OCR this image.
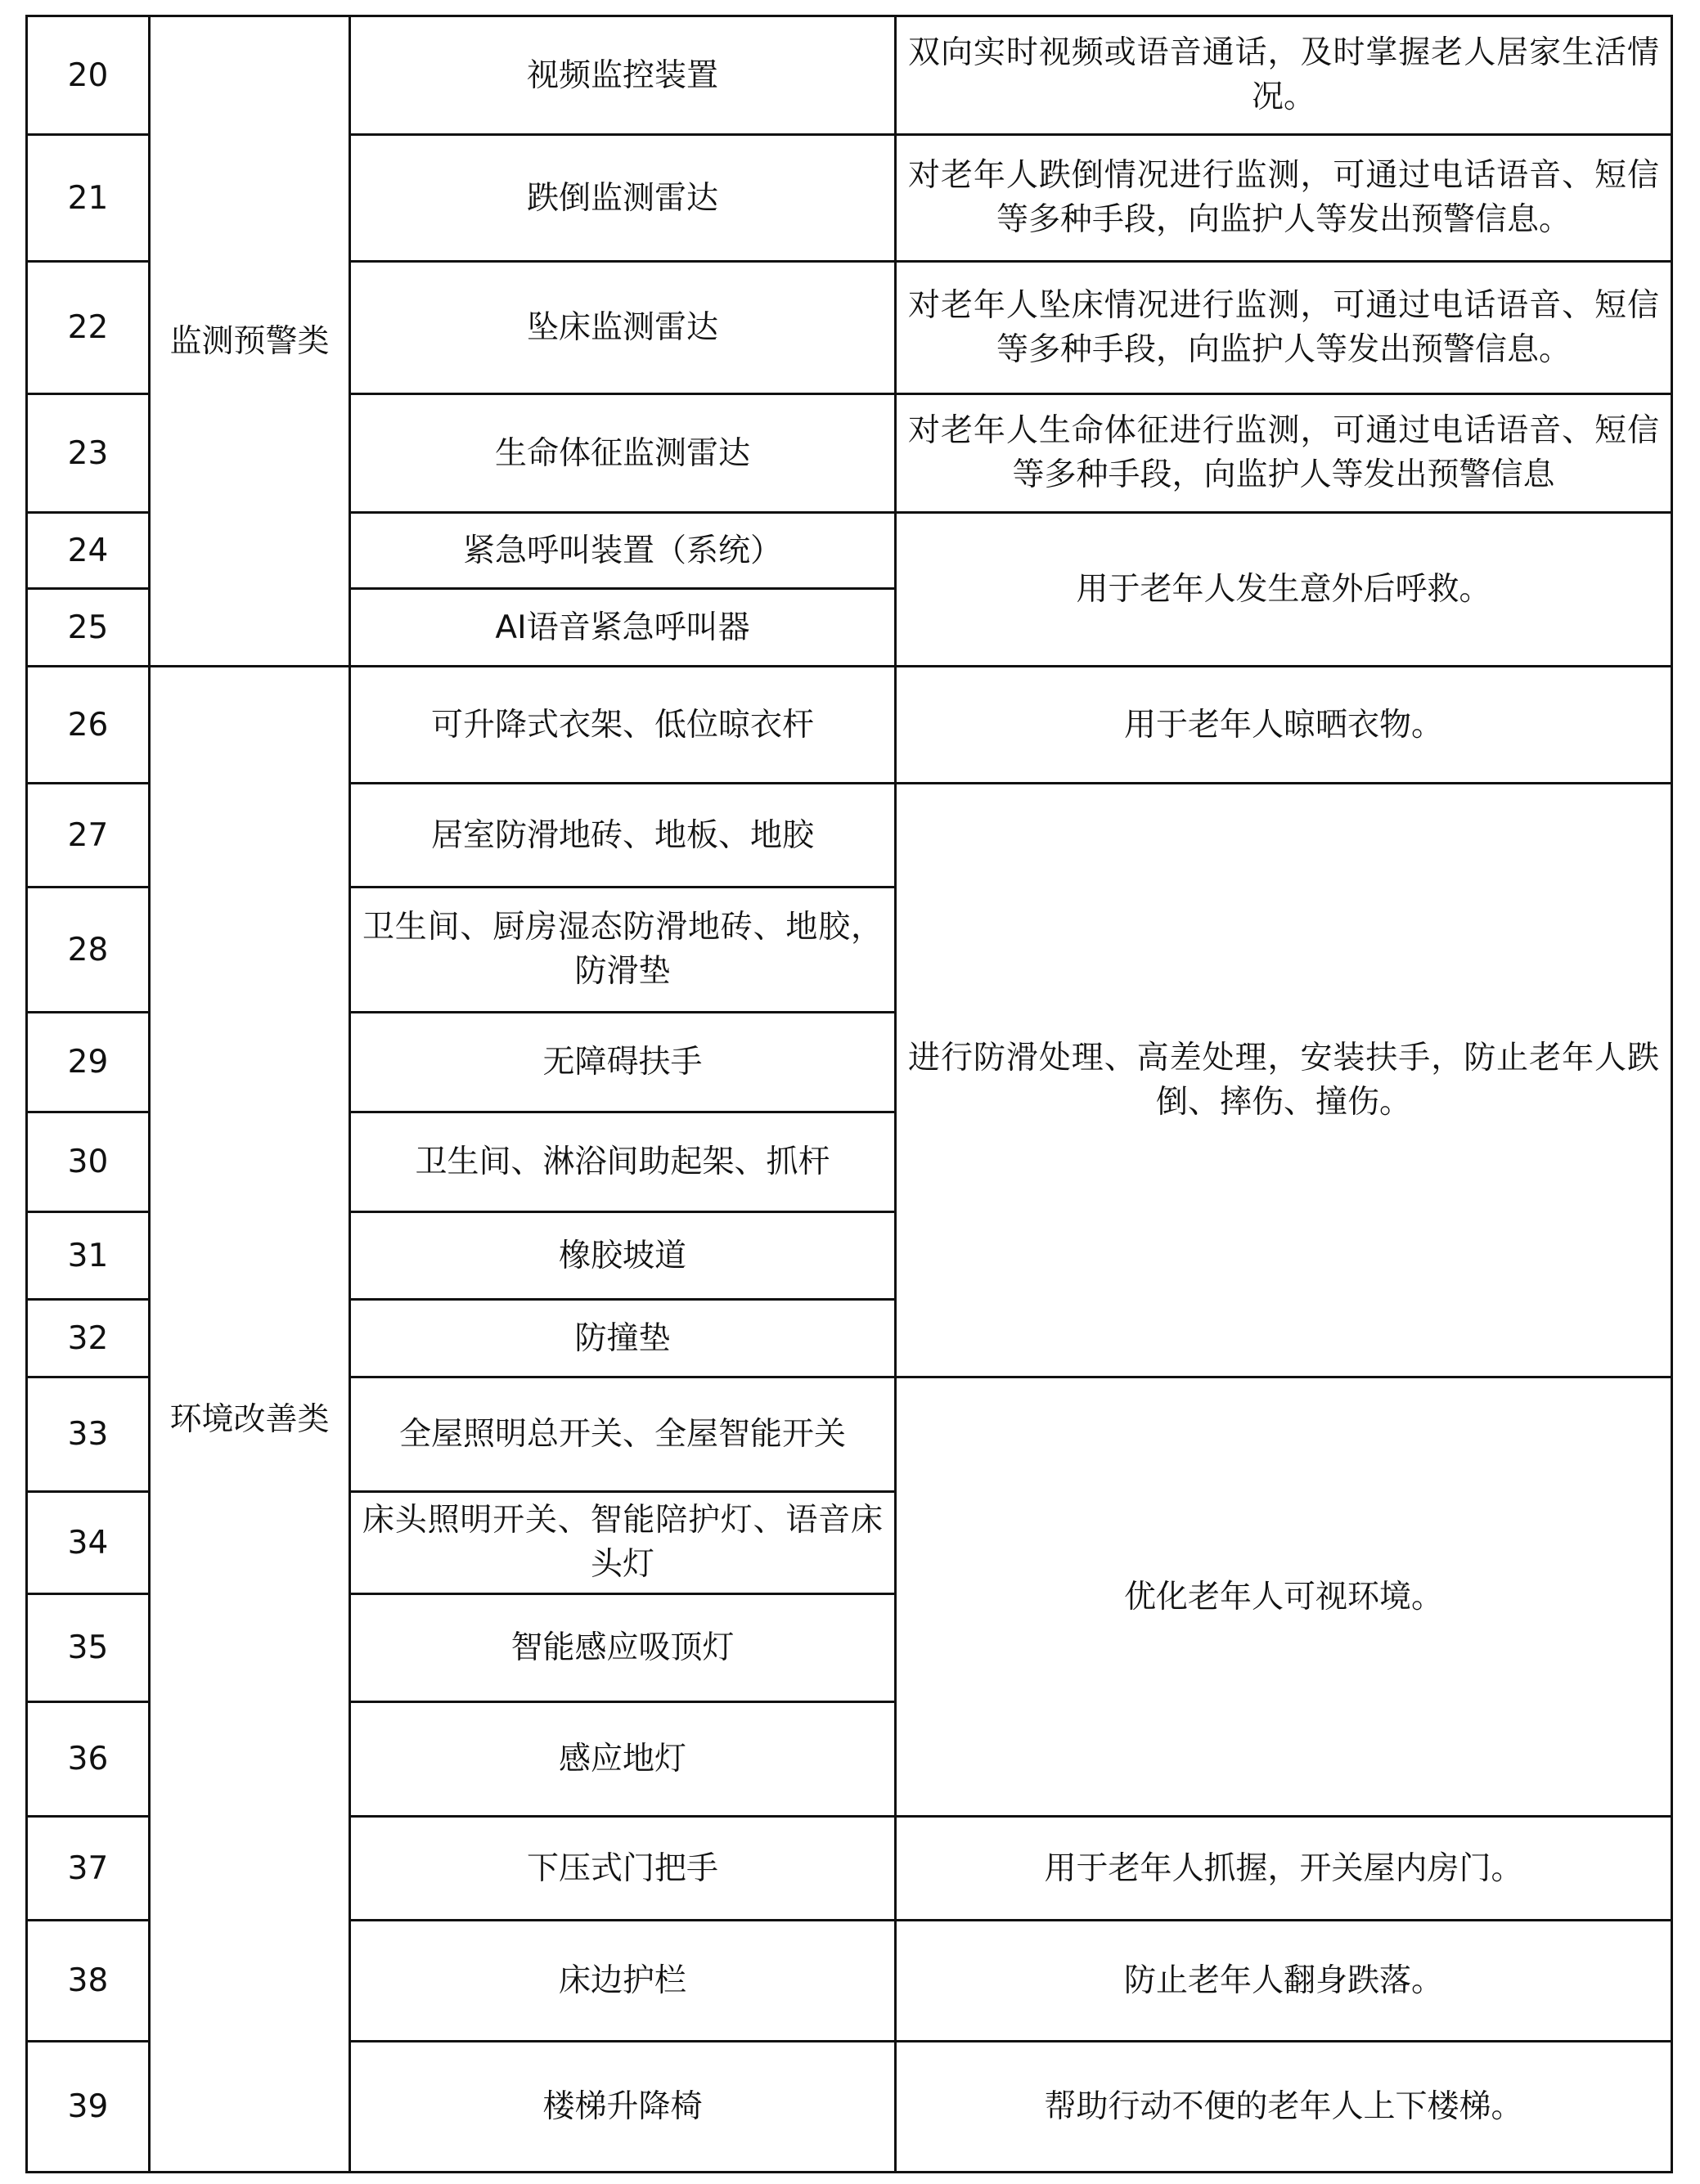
20	监测预警类	视频监控装置	双向实时视频或语音通话，及时掌握老人居家生活情况。
21		跌倒监测雷达	对老年人跌倒情况进行监测，可通过电话语音、短信等多种手段，向监护人等发出预警信息。
22		坠床监测雷达	对老年人坠床情况进行监测，可通过电话语音、短信等多种手段，向监护人等发出预警信息。
23		生命体征监测雷达	对老年人生命体征进行监测，可通过电话语音、短信等多种手段，向监护人等发出预警信息
24		紧急呼叫装置（系统）	用于老年人发生意外后呼救。
25		AI语音紧急呼叫器	
26	环境改善类	可升降式衣架、低位晾衣杆	用于老年人晾晒衣物。
27		居室防滑地砖、地板、地胶	进行防滑处理、高差处理，安装扶手，防止老年人跌倒、摔伤、撞伤。
28		卫生间、厨房湿态防滑地砖、地胶，防滑垫	
29		无障碍扶手	
30		卫生间、淋浴间助起架、抓杆	
31		橡胶坡道	
32		防撞垫	
33		全屋照明总开关、全屋智能开关	优化老年人可视环境。
34		床头照明开关、智能陪护灯、语音床头灯	
35		智能感应吸顶灯	
36		感应地灯	
37		下压式门把手	用于老年人抓握，开关屋内房门。
38		床边护栏	防止老年人翻身跌落。
39		楼梯升降椅	帮助行动不便的老年人上下楼梯。
